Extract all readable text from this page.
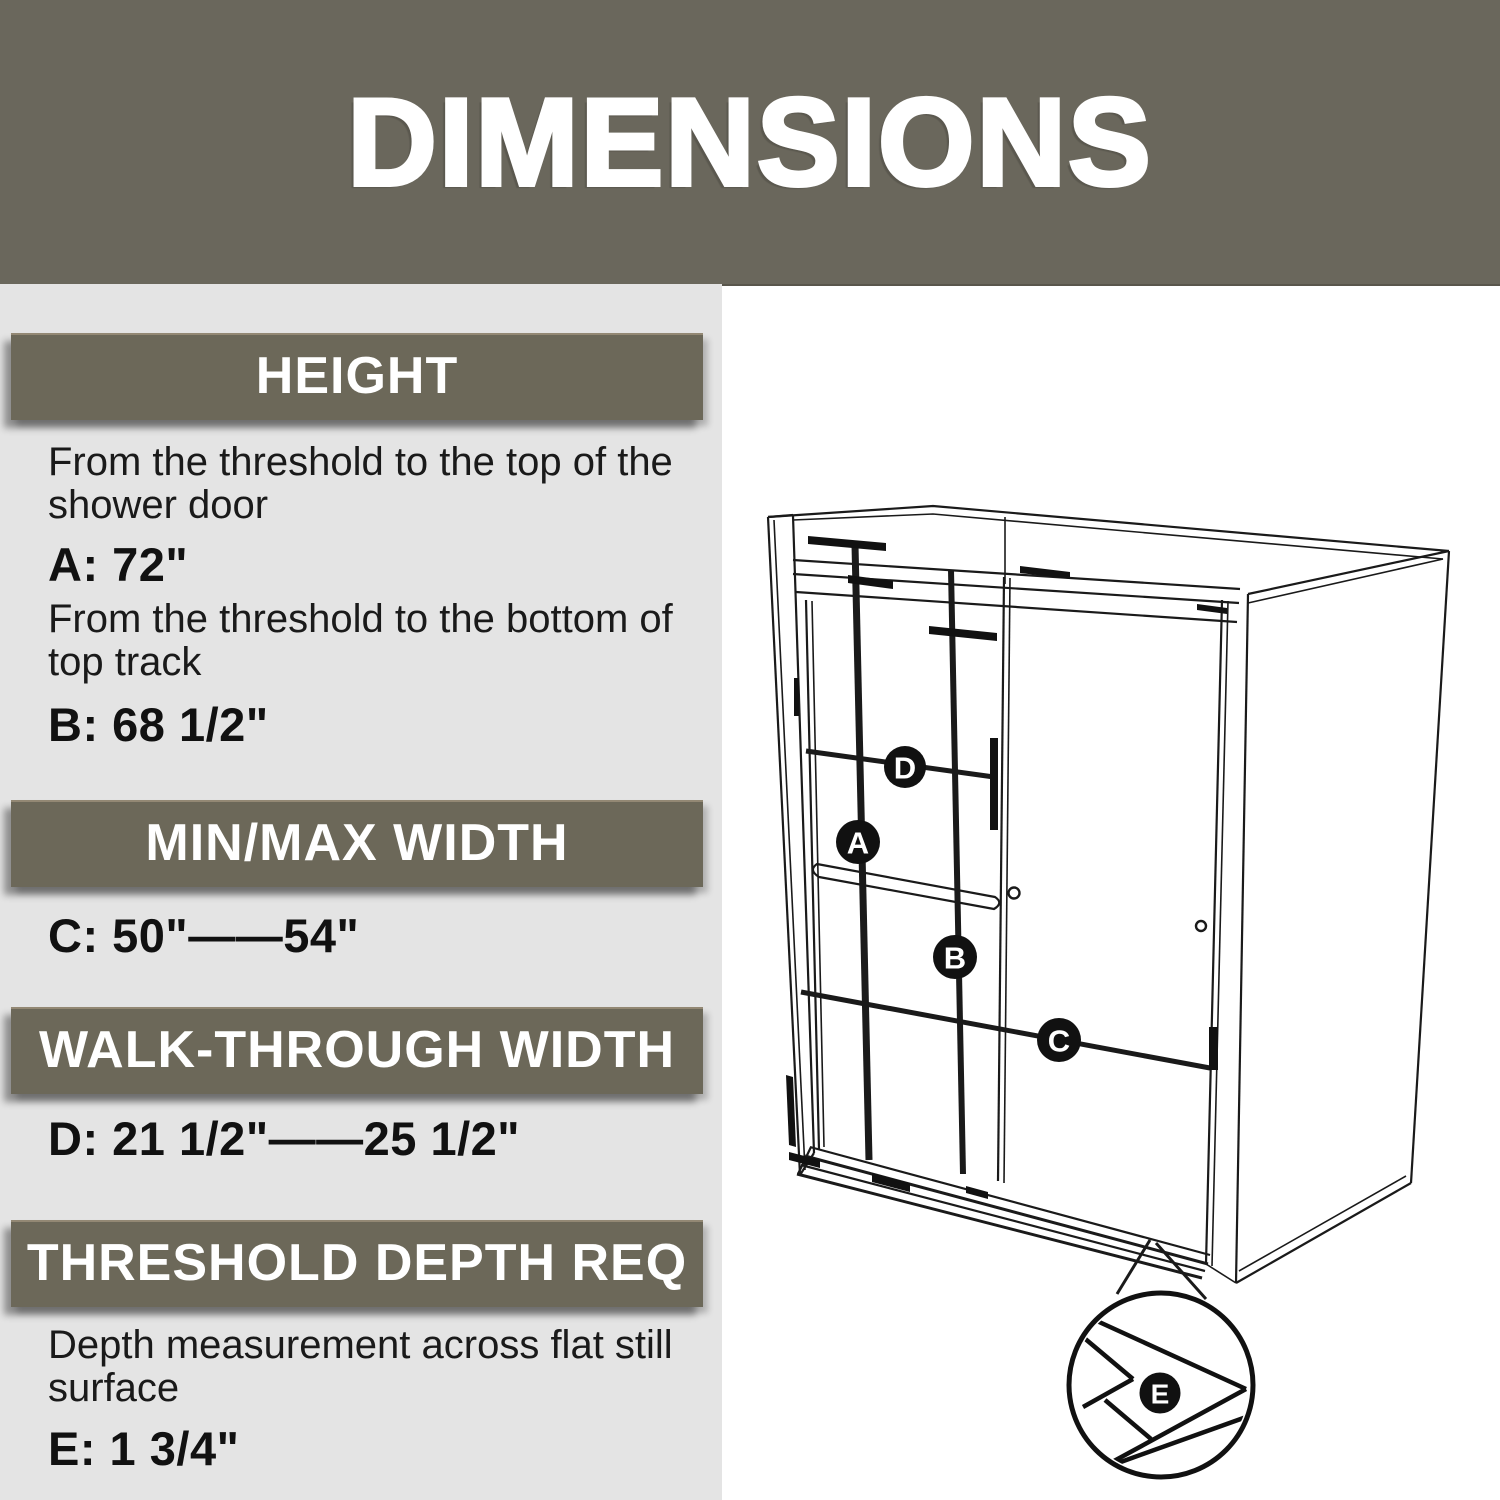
DIMENSIONS
HEIGHT
From the threshold to the top of the
shower door
A: 72"
From the threshold to the bottom of
top track
B: 68 1/2"
MIN/MAX WIDTH
C: 50"——54"
WALK-THROUGH WIDTH
D: 21 1/2"——25 1/2"
THRESHOLD DEPTH REQ
Depth measurement across flat still
surface
E: 1 3/4"
D
A
B
C
E
